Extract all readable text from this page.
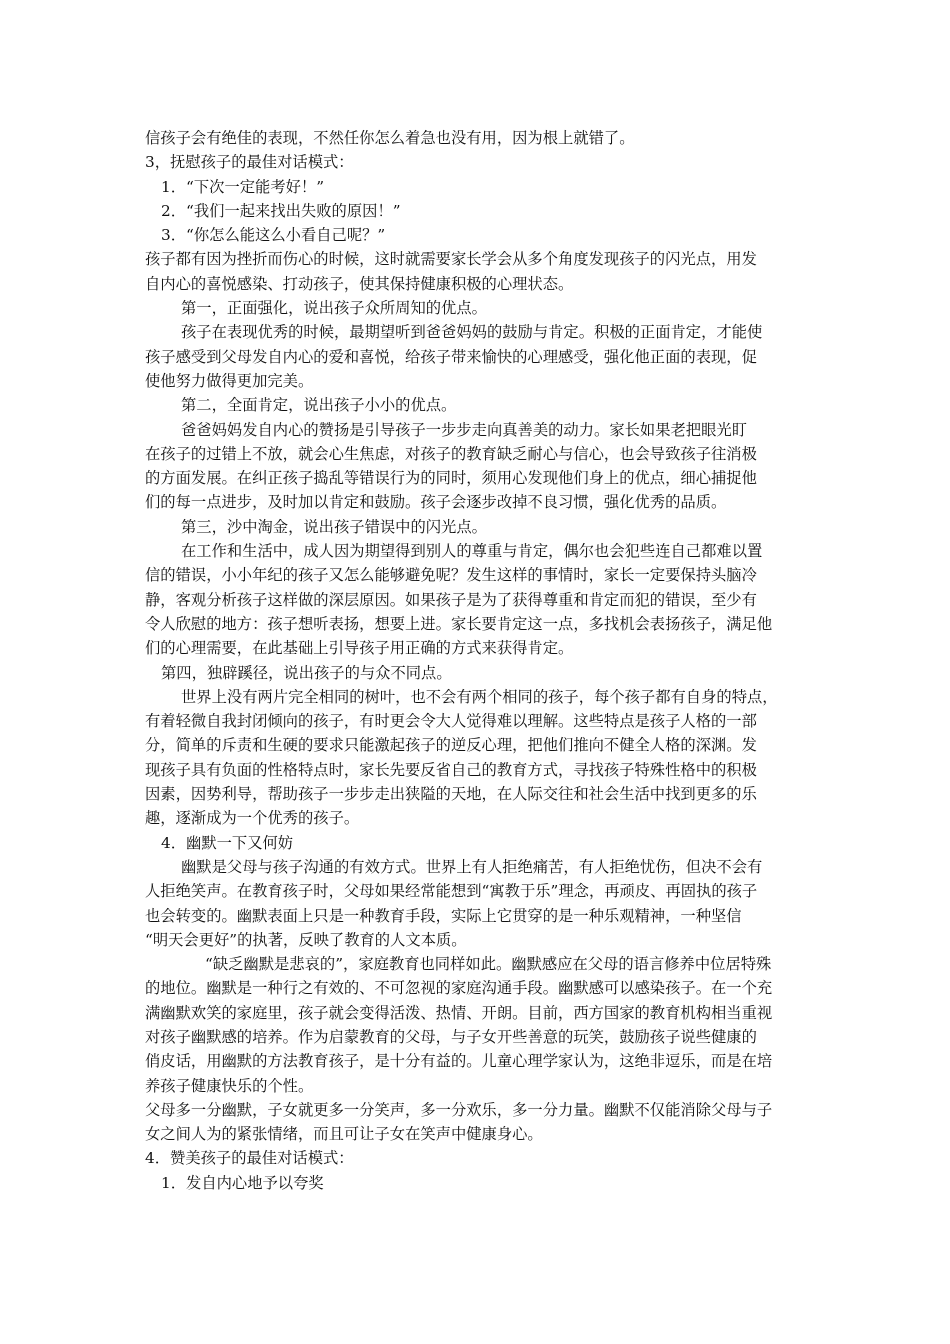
信孩子会有绝佳的表现，不然任你怎么着急也没有用，因为根上就错了。
3，抚慰孩子的最佳对话模式：
1．“下次一定能考好！”
2．“我们一起来找出失败的原因！”
3．“你怎么能这么小看自己呢？”
孩子都有因为挫折而伤心的时候，这时就需要家长学会从多个角度发现孩子的闪光点，用发
自内心的喜悦感染、打动孩子，使其保持健康积极的心理状态。
第一，正面强化，说出孩子众所周知的优点。
孩子在表现优秀的时候，最期望听到爸爸妈妈的鼓励与肯定。积极的正面肯定，才能使
孩子感受到父母发自内心的爱和喜悦，给孩子带来愉快的心理感受，强化他正面的表现，促
使他努力做得更加完美。
第二，全面肯定，说出孩子小小的优点。
爸爸妈妈发自内心的赞扬是引导孩子一步步走向真善美的动力。家长如果老把眼光盯
在孩子的过错上不放，就会心生焦虑，对孩子的教育缺乏耐心与信心，也会导致孩子往消极
的方面发展。在纠正孩子捣乱等错误行为的同时，须用心发现他们身上的优点，细心捕捉他
们的每一点进步，及时加以肯定和鼓励。孩子会逐步改掉不良习惯，强化优秀的品质。
第三，沙中淘金，说出孩子错误中的闪光点。
在工作和生活中，成人因为期望得到别人的尊重与肯定，偶尔也会犯些连自己都难以置
信的错误，小小年纪的孩子又怎么能够避免呢？发生这样的事情时，家长一定要保持头脑冷
静，客观分析孩子这样做的深层原因。如果孩子是为了获得尊重和肯定而犯的错误，至少有
令人欣慰的地方：孩子想听表扬，想要上进。家长要肯定这一点，多找机会表扬孩子，满足他
们的心理需要，在此基础上引导孩子用正确的方式来获得肯定。
第四，独辟蹊径，说出孩子的与众不同点。
世界上没有两片完全相同的树叶，也不会有两个相同的孩子，每个孩子都有自身的特点，
有着轻微自我封闭倾向的孩子，有时更会令大人觉得难以理解。这些特点是孩子人格的一部
分，简单的斥责和生硬的要求只能激起孩子的逆反心理，把他们推向不健全人格的深渊。发
现孩子具有负面的性格特点时，家长先要反省自己的教育方式，寻找孩子特殊性格中的积极
因素，因势利导，帮助孩子一步步走出狭隘的天地，在人际交往和社会生活中找到更多的乐
趣，逐渐成为一个优秀的孩子。
4．幽默一下又何妨
幽默是父母与孩子沟通的有效方式。世界上有人拒绝痛苦，有人拒绝忧伤，但决不会有
人拒绝笑声。在教育孩子时，父母如果经常能想到“寓教于乐”理念，再顽皮、再固执的孩子
也会转变的。幽默表面上只是一种教育手段，实际上它贯穿的是一种乐观精神，一种坚信
“明天会更好”的执著，反映了教育的人文本质。
“缺乏幽默是悲哀的”，家庭教育也同样如此。幽默感应在父母的语言修养中位居特殊
的地位。幽默是一种行之有效的、不可忽视的家庭沟通手段。幽默感可以感染孩子。在一个充
满幽默欢笑的家庭里，孩子就会变得活泼、热情、开朗。目前，西方国家的教育机构相当重视
对孩子幽默感的培养。作为启蒙教育的父母，与子女开些善意的玩笑，鼓励孩子说些健康的
俏皮话，用幽默的方法教育孩子，是十分有益的。儿童心理学家认为，这绝非逗乐，而是在培
养孩子健康快乐的个性。
父母多一分幽默，子女就更多一分笑声，多一分欢乐，多一分力量。幽默不仅能消除父母与子
女之间人为的紧张情绪，而且可让子女在笑声中健康身心。
4．赞美孩子的最佳对话模式：
1．发自内心地予以夸奖
